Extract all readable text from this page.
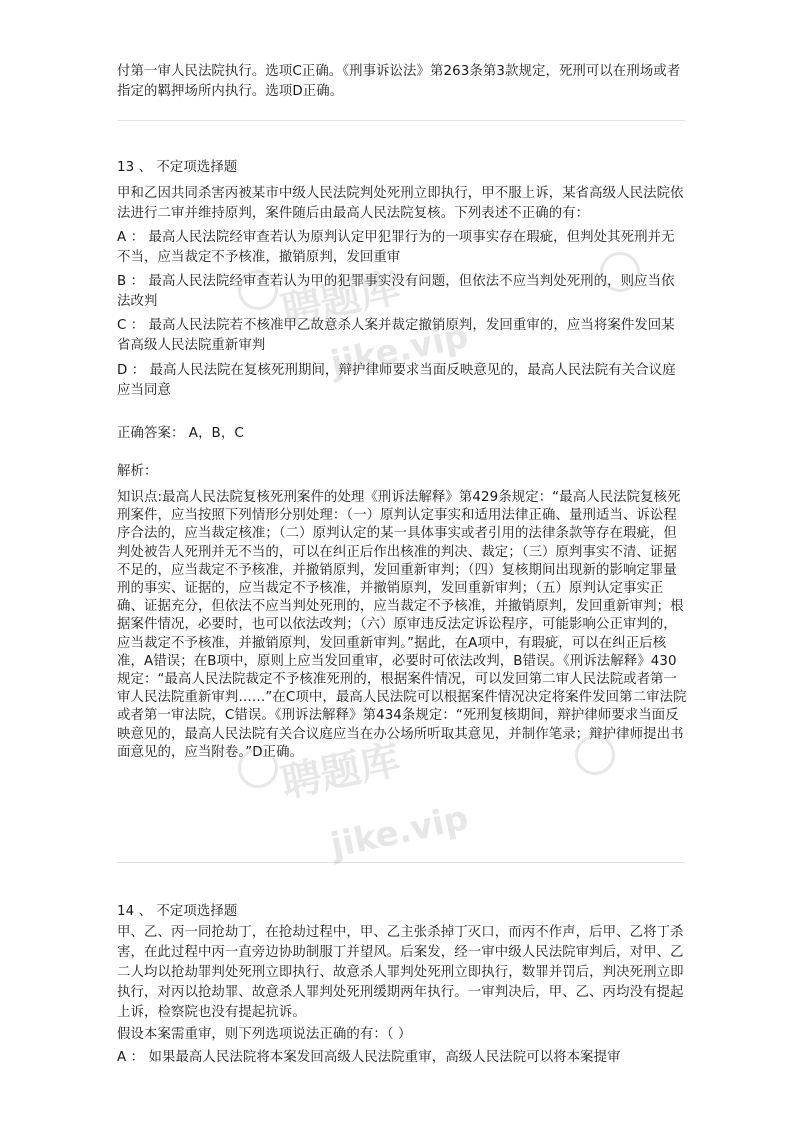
付第一审人民法院执行。选项C正确。《刑事诉讼法》第263条第3款规定，死刑可以在刑场或者指定的羁押场所内执行。选项D正确。

13 、 不定项选择题

甲和乙因共同杀害丙被某市中级人民法院判处死刑立即执行，甲不服上诉，某省高级人民法院依法进行二审并维持原判，案件随后由最高人民法院复核。下列表述不正确的有：

A ： 最高人民法院经审查若认为原判认定甲犯罪行为的一项事实存在瑕疵，但判处其死刑并无不当，应当裁定不予核准，撤销原判，发回重审

B ： 最高人民法院经审查若认为甲的犯罪事实没有问题，但依法不应当判处死刑的，则应当依法改判

C ： 最高人民法院若不核准甲乙故意杀人案并裁定撤销原判，发回重审的，应当将案件发回某省高级人民法院重新审判

D ： 最高人民法院在复核死刑期间，辩护律师要求当面反映意见的，最高人民法院有关合议庭应当同意

正确答案： A，B，C

解析：

知识点:最高人民法院复核死刑案件的处理《刑诉法解释》第429条规定：“最高人民法院复核死刑案件，应当按照下列情形分别处理：（一）原判认定事实和适用法律正确、量刑适当、诉讼程序合法的，应当裁定核准；（二）原判认定的某一具体事实或者引用的法律条款等存在瑕疵，但判处被告人死刑并无不当的，可以在纠正后作出核准的判决、裁定；（三）原判事实不清、证据不足的，应当裁定不予核准，并撤销原判，发回重新审判；（四）复核期间出现新的影响定罪量刑的事实、证据的，应当裁定不予核准，并撤销原判，发回重新审判；（五）原判认定事实正确、证据充分，但依法不应当判处死刑的，应当裁定不予核准，并撤销原判，发回重新审判；根据案件情况，必要时，也可以依法改判；（六）原审违反法定诉讼程序，可能影响公正审判的，应当裁定不予核准，并撤销原判，发回重新审判。”据此，在A项中，有瑕疵，可以在纠正后核准，A错误；在B项中，原则上应当发回重审，必要时可依法改判，B错误。《刑诉法解释》430规定：“最高人民法院裁定不予核准死刑的，根据案件情况，可以发回第二审人民法院或者第一审人民法院重新审判……”在C项中，最高人民法院可以根据案件情况决定将案件发回第二审法院或者第一审法院，C错误。《刑诉法解释》第434条规定：“死刑复核期间，辩护律师要求当面反映意见的，最高人民法院有关合议庭应当在办公场所听取其意见，并制作笔录；辩护律师提出书面意见的，应当附卷。”D正确。

14 、 不定项选择题

甲、乙、丙一同抢劫丁，在抢劫过程中，甲、乙主张杀掉丁灭口，而丙不作声，后甲、乙将丁杀害，在此过程中丙一直旁边协助制服丁并望风。后案发，经一审中级人民法院审判后，对甲、乙二人均以抢劫罪判处死刑立即执行、故意杀人罪判处死刑立即执行，数罪并罚后，判决死刑立即执行，对丙以抢劫罪、故意杀人罪判处死刑缓期两年执行。一审判决后，甲、乙、丙均没有提起上诉，检察院也没有提起抗诉。

假设本案需重审，则下列选项说法正确的有：（ ）

A ： 如果最高人民法院将本案发回高级人民法院重审，高级人民法院可以将本案提审

聘题库
jike.vip
聘题库
jike.vip
